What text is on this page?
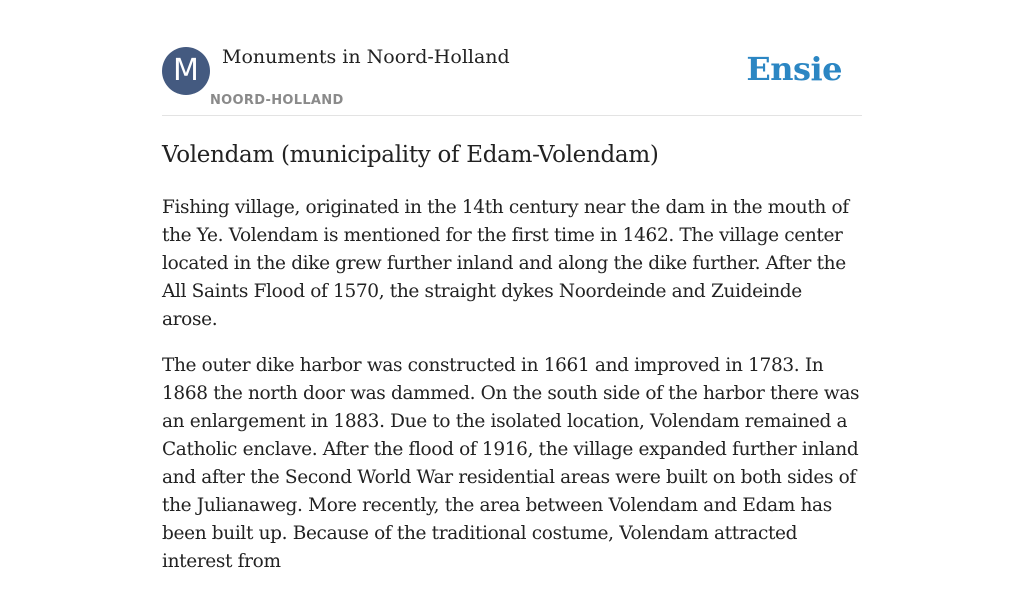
M	Monuments in Noord-Holland
NOORD-HOLLAND
Ensie
Volendam (municipality of Edam-Volendam)

Fishing village, originated in the 14th century near the dam in the mouth of the Ye. Volendam is mentioned for the first time in 1462. The village center located in the dike grew further inland and along the dike further. After the All Saints Flood of 1570, the straight dykes Noordeinde and Zuideinde arose.

The outer dike harbor was constructed in 1661 and improved in 1783. In 1868 the north door was dammed. On the south side of the harbor there was an enlargement in 1883. Due to the isolated location, Volendam remained a Catholic enclave. After the flood of 1916, the village expanded further inland and after the Second World War residential areas were built on both sides of the Julianaweg. More recently, the area between Volendam and Edam has been built up. Because of the traditional costume, Volendam attracted interest from
